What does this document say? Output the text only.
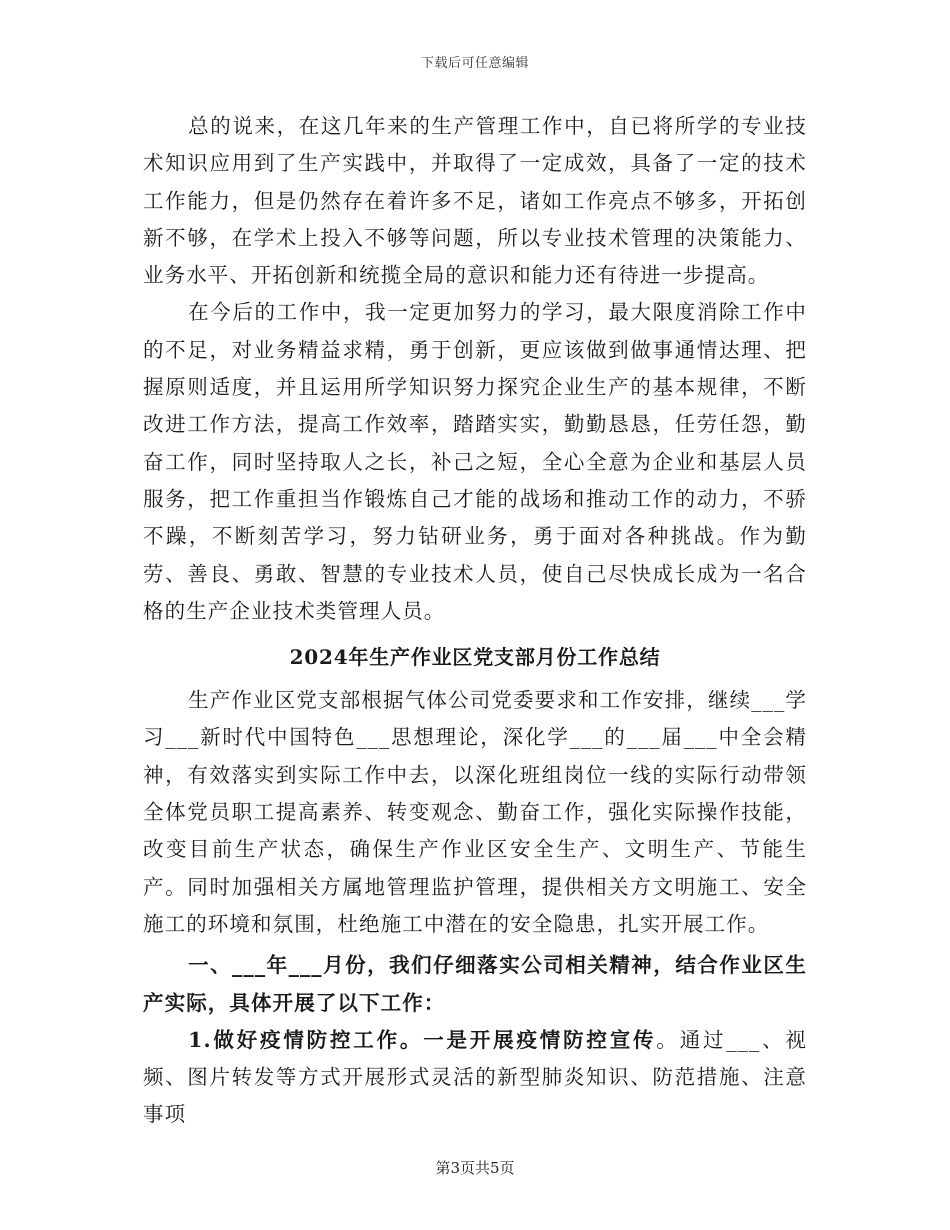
下载后可任意编辑

总的说来，在这几年来的生产管理工作中，自已将所学的专业技术知识应用到了生产实践中，并取得了一定成效，具备了一定的技术工作能力，但是仍然存在着许多不足，诸如工作亮点不够多，开拓创新不够，在学术上投入不够等问题，所以专业技术管理的决策能力、业务水平、开拓创新和统揽全局的意识和能力还有待进一步提高。

在今后的工作中，我一定更加努力的学习，最大限度消除工作中的不足，对业务精益求精，勇于创新，更应该做到做事通情达理、把握原则适度，并且运用所学知识努力探究企业生产的基本规律，不断改进工作方法，提高工作效率，踏踏实实，勤勤恳恳，任劳任怨，勤奋工作，同时坚持取人之长，补己之短，全心全意为企业和基层人员服务，把工作重担当作锻炼自己才能的战场和推动工作的动力，不骄不躁，不断刻苦学习，努力钻研业务，勇于面对各种挑战。作为勤劳、善良、勇敢、智慧的专业技术人员，使自己尽快成长成为一名合格的生产企业技术类管理人员。

2024年生产作业区党支部月份工作总结

生产作业区党支部根据气体公司党委要求和工作安排，继续___学习___新时代中国特色___思想理论，深化学___的___届___中全会精神，有效落实到实际工作中去，以深化班组岗位一线的实际行动带领全体党员职工提高素养、转变观念、勤奋工作，强化实际操作技能，改变目前生产状态，确保生产作业区安全生产、文明生产、节能生产。同时加强相关方属地管理监护管理，提供相关方文明施工、安全施工的环境和氛围，杜绝施工中潜在的安全隐患，扎实开展工作。

一、___年___月份，我们仔细落实公司相关精神，结合作业区生产实际，具体开展了以下工作：

1.做好疫情防控工作。一是开展疫情防控宣传。通过___、视频、图片转发等方式开展形式灵活的新型肺炎知识、防范措施、注意事项

第3页共5页
